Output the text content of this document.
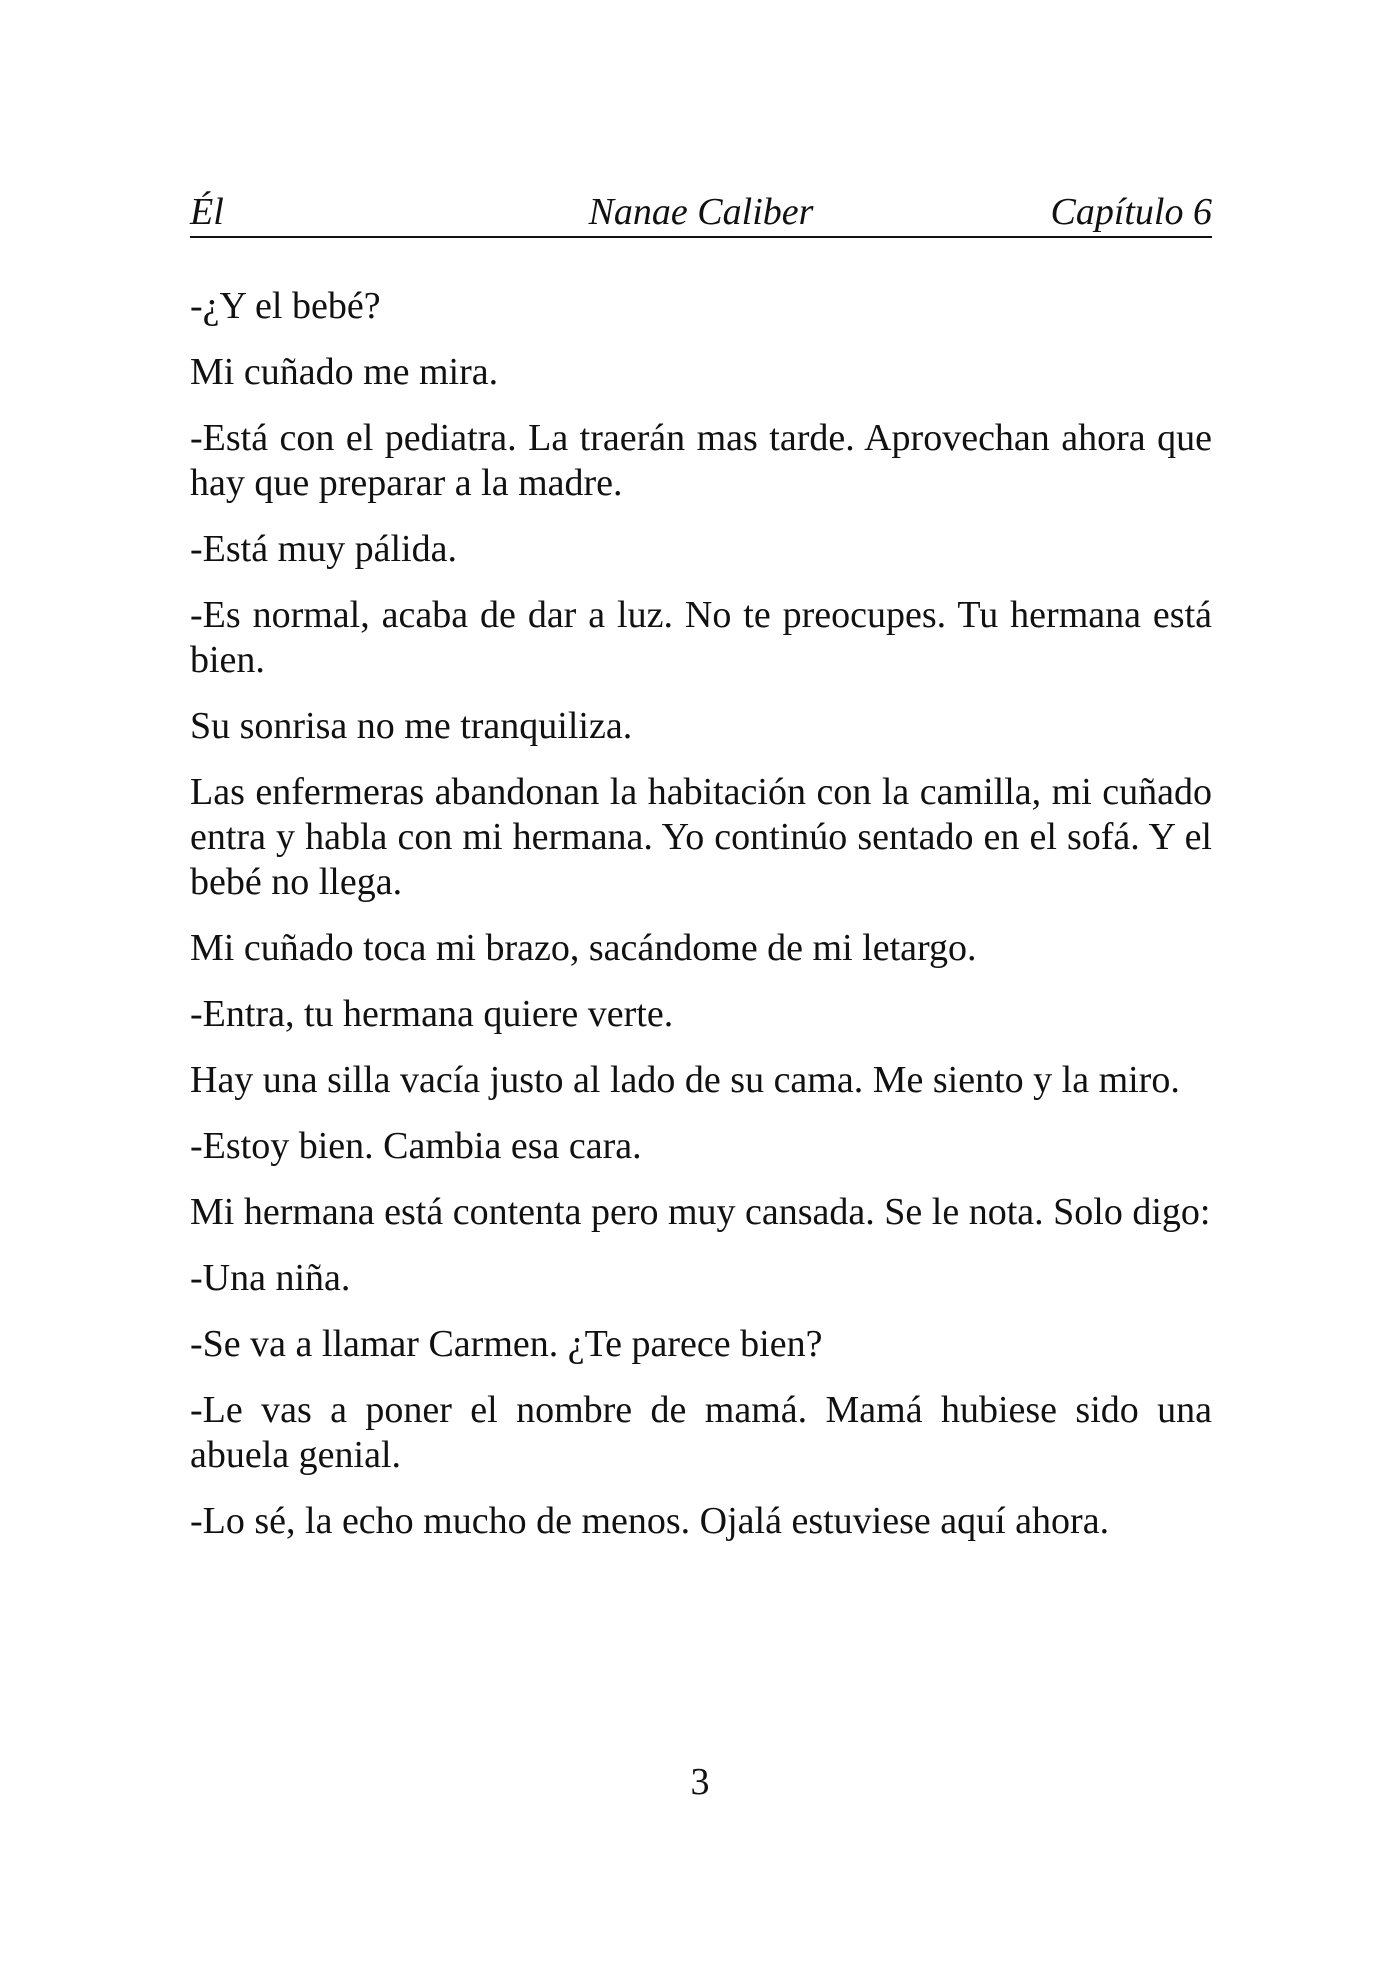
Nanae Caliber
Él	Capítulo 6

-¿Y el bebé?

Mi cuñado me mira.

-Está con el pediatra. La traerán mas tarde. Aprovechan ahora que hay que preparar a la madre.

-Está muy pálida.

-Es normal, acaba de dar a luz. No te preocupes. Tu hermana está bien.

Su sonrisa no me tranquiliza.

Las enfermeras abandonan la habitación con la camilla, mi cuñado entra y habla con mi hermana. Yo continúo sentado en el sofá. Y el bebé no llega.

Mi cuñado toca mi brazo, sacándome de mi letargo.

-Entra, tu hermana quiere verte.

Hay una silla vacía justo al lado de su cama. Me siento y la miro.

-Estoy bien. Cambia esa cara.

Mi hermana está contenta pero muy cansada. Se le nota. Solo digo:

-Una niña.

-Se va a llamar Carmen. ¿Te parece bien?

-Le vas a poner el nombre de mamá. Mamá hubiese sido una abuela genial.

-Lo sé, la echo mucho de menos. Ojalá estuviese aquí ahora.

3
